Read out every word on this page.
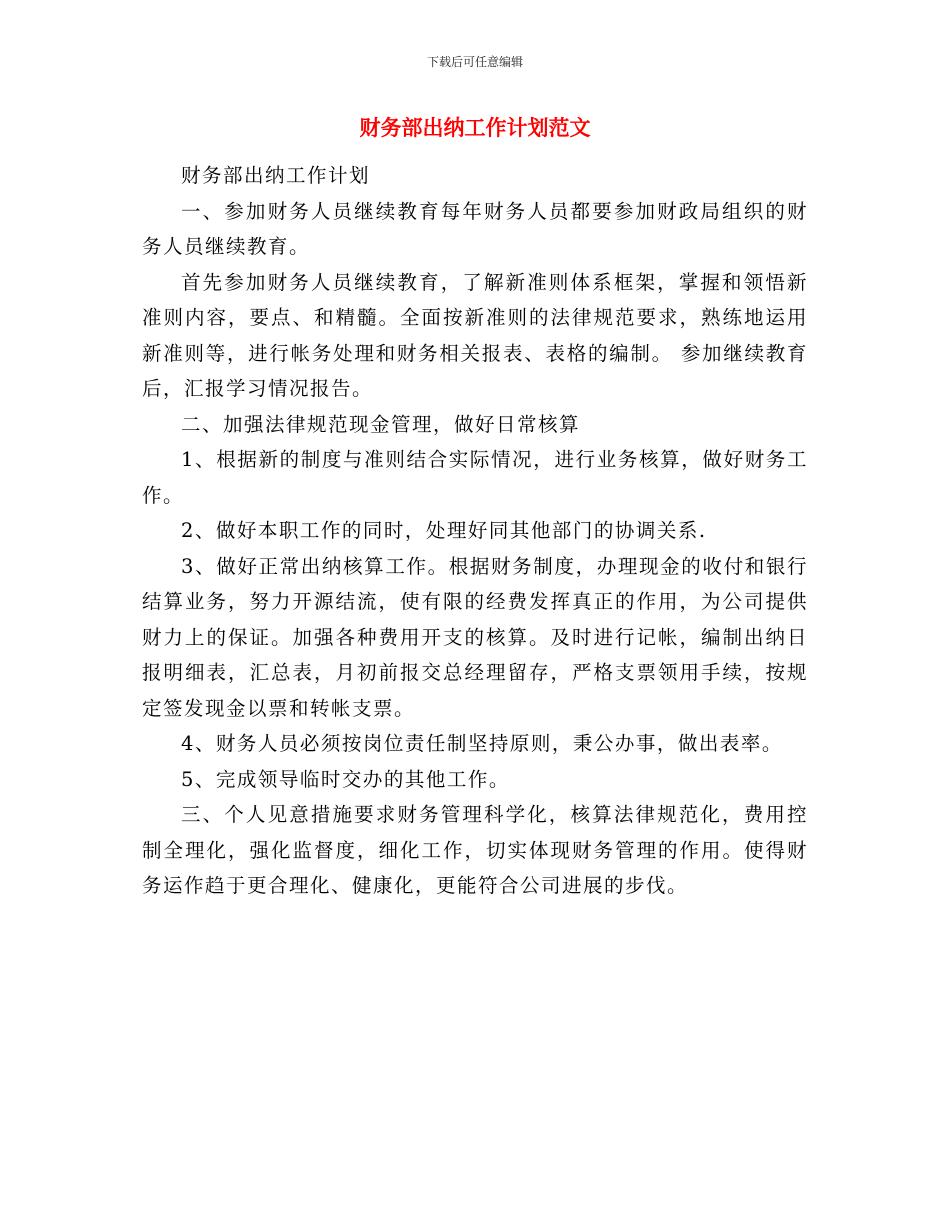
下载后可任意编辑
财务部出纳工作计划范文

财务部出纳工作计划

一、参加财务人员继续教育每年财务人员都要参加财政局组织的财务人员继续教育。

首先参加财务人员继续教育，了解新准则体系框架，掌握和领悟新准则内容，要点、和精髓。全面按新准则的法律规范要求，熟练地运用新准则等，进行帐务处理和财务相关报表、表格的编制。 参加继续教育后，汇报学习情况报告。

二、加强法律规范现金管理，做好日常核算

1、根据新的制度与准则结合实际情况，进行业务核算，做好财务工作。

2、做好本职工作的同时，处理好同其他部门的协调关系.

3、做好正常出纳核算工作。根据财务制度，办理现金的收付和银行结算业务，努力开源结流，使有限的经费发挥真正的作用，为公司提供财力上的保证。加强各种费用开支的核算。及时进行记帐，编制出纳日报明细表，汇总表，月初前报交总经理留存，严格支票领用手续，按规定签发现金以票和转帐支票。

4、财务人员必须按岗位责任制坚持原则，秉公办事，做出表率。

5、完成领导临时交办的其他工作。

三、个人见意措施要求财务管理科学化，核算法律规范化，费用控制全理化，强化监督度，细化工作，切实体现财务管理的作用。使得财务运作趋于更合理化、健康化，更能符合公司进展的步伐。
